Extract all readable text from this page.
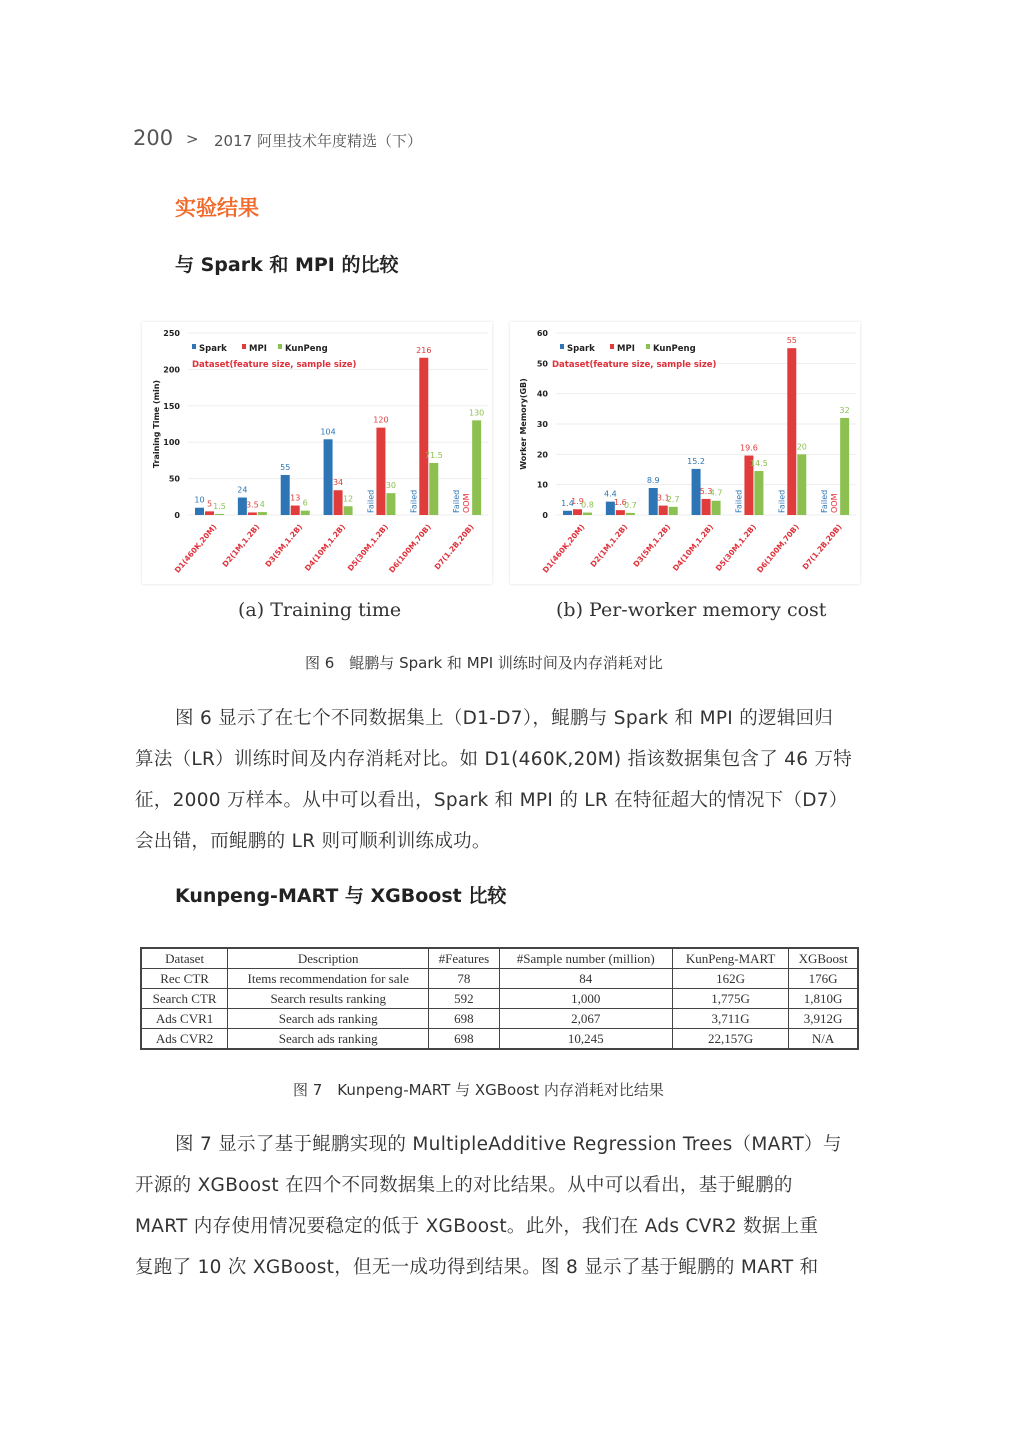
200 > 2017 阿里技术年度精选（下）
实验结果
与 Spark 和 MPI 的比较
0
50
100
150
200
250
Training Time (min)
Spark	MPI KunPeng
Dataset(feature size, sample size)
10 5 1.5
D1(460K,20M)
24
3.5 4
D2(1M,1.2B)
55
13
6
D3(5M,1.2B)
104
34
12
D4(10M,1.2B)
Failed
120
30
D5(30M,1.2B)
Failed
216
71.5
D6(100M,70B)
Failed OOM
130
D7(1.2B,20B)
0
10
20
30
40
50
60
Worker Memory(GB)
Spark	MPI KunPeng
Dataset(feature size, sample size)
1.4
1.9
0.8
D1(460K,20M)
4.4
1.6
0.7
D2(1M,1.2B)
8.9
3.1
2.7
D3(5M,1.2B)
15.2
5.3
4.7
D4(10M,1.2B)
Failed
19.6
14.5
D5(30M,1.2B)
Failed
55
20
D6(100M,70B)
Failed OOM
32
D7(1.2B,20B)
(a) Training time	(b) Per-worker memory cost
图 6　鲲鹏与 Spark 和 MPI 训练时间及内存消耗对比
图 6 显示了在七个不同数据集上（D1-D7），鲲鹏与 Spark 和 MPI 的逻辑回归
算法（LR）训练时间及内存消耗对比。如 D1(460K,20M) 指该数据集包含了 46 万特
征，2000 万样本。从中可以看出，Spark 和 MPI 的 LR 在特征超大的情况下（D7）
会出错，而鲲鹏的 LR 则可顺利训练成功。
Kunpeng-MART 与 XGBoost 比较
Dataset	Description	#Features	#Sample number (million)	KunPeng-MART	XGBoost
Rec CTR	Items recommendation for sale	78	84	162G	176G
Search CTR	Search results ranking	592	1,000	1,775G	1,810G
Ads CVR1	Search ads ranking	698	2,067	3,711G	3,912G
Ads CVR2	Search ads ranking	698	10,245	22,157G	N/A
图 7　Kunpeng-MART 与 XGBoost 内存消耗对比结果
图 7 显示了基于鲲鹏实现的 MultipleAdditive Regression Trees（MART）与
开源的 XGBoost 在四个不同数据集上的对比结果。从中可以看出，基于鲲鹏的
MART 内存使用情况要稳定的低于 XGBoost。此外，我们在 Ads CVR2 数据上重
复跑了 10 次 XGBoost，但无一成功得到结果。图 8 显示了基于鲲鹏的 MART 和
